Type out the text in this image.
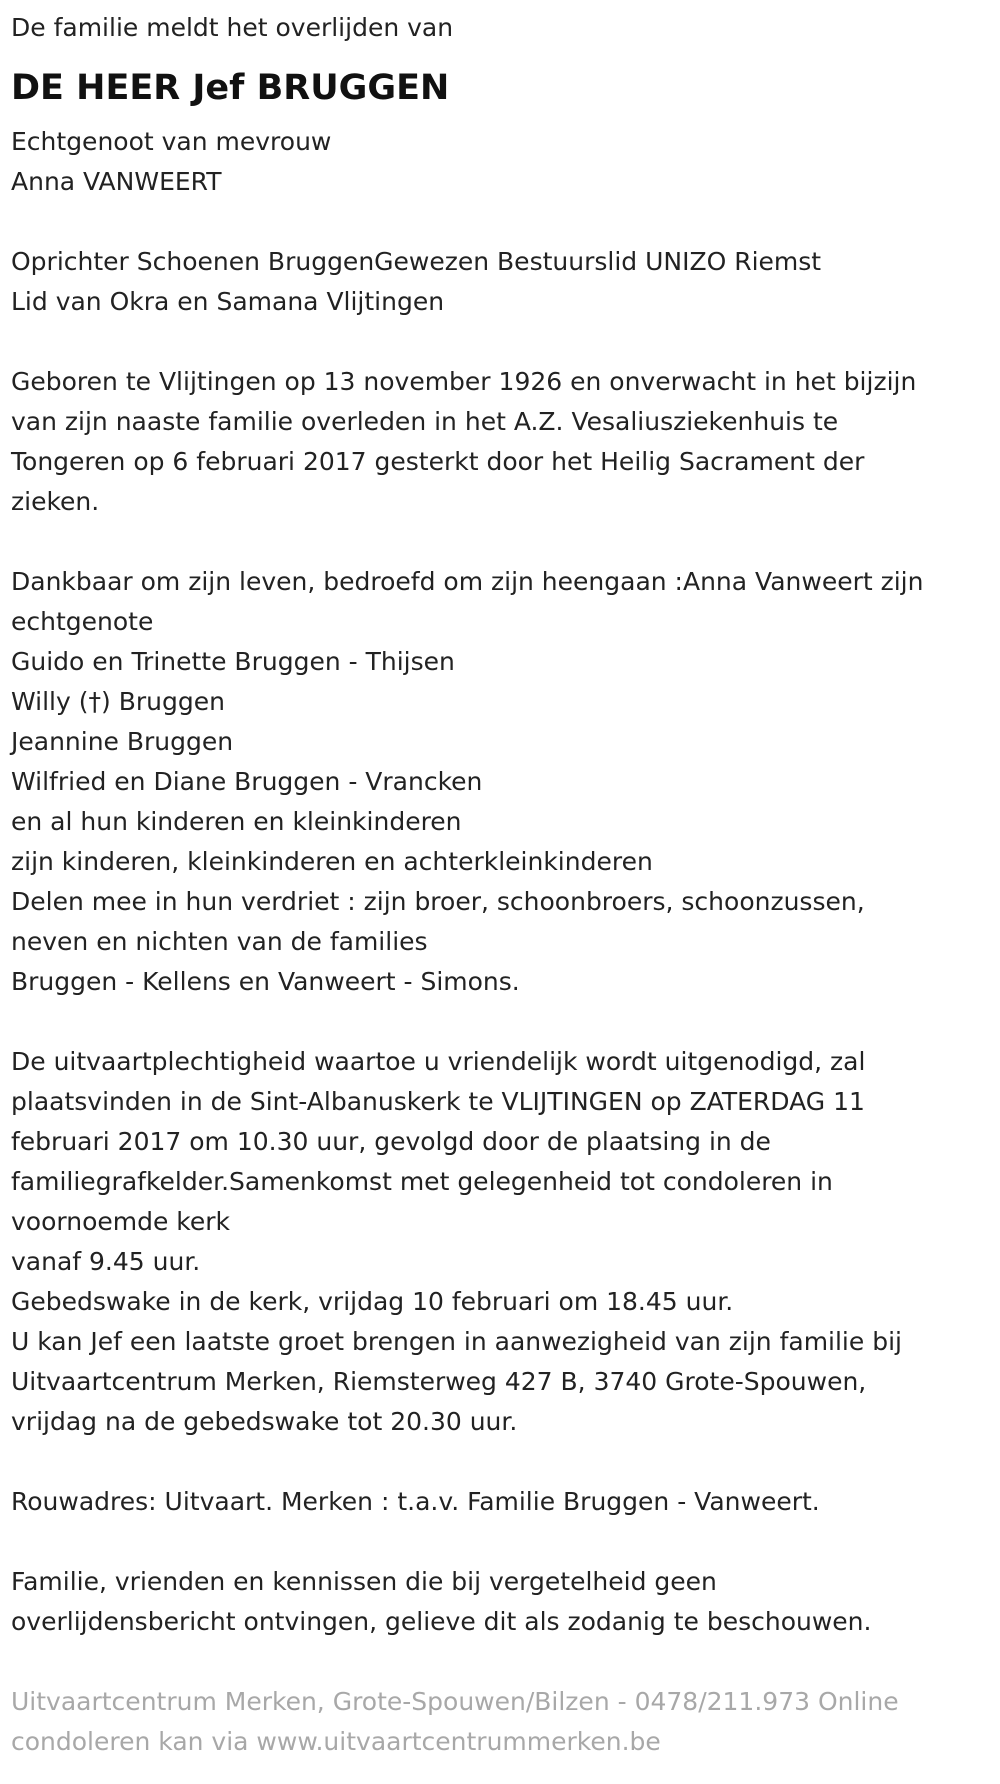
De familie meldt het overlijden van
DE HEER Jef BRUGGEN
Echtgenoot van mevrouw
Anna VANWEERT
Oprichter Schoenen BruggenGewezen Bestuurslid UNIZO Riemst
Lid van Okra en Samana Vlijtingen
Geboren te Vlijtingen op 13 november 1926 en onverwacht in het bijzijn
van zijn naaste familie overleden in het A.Z. Vesaliusziekenhuis te
Tongeren op 6 februari 2017 gesterkt door het Heilig Sacrament der
zieken.
Dankbaar om zijn leven, bedroefd om zijn heengaan :Anna Vanweert zijn
echtgenote
Guido en Trinette Bruggen - Thijsen
Willy (†) Bruggen
Jeannine Bruggen
Wilfried en Diane Bruggen - Vrancken
en al hun kinderen en kleinkinderen
zijn kinderen, kleinkinderen en achterkleinkinderen
Delen mee in hun verdriet : zijn broer, schoonbroers, schoonzussen,
neven en nichten van de families
Bruggen - Kellens en Vanweert - Simons.
De uitvaartplechtigheid waartoe u vriendelijk wordt uitgenodigd, zal
plaatsvinden in de Sint-Albanuskerk te VLIJTINGEN op ZATERDAG 11
februari 2017 om 10.30 uur, gevolgd door de plaatsing in de
familiegrafkelder.Samenkomst met gelegenheid tot condoleren in
voornoemde kerk
vanaf 9.45 uur.
Gebedswake in de kerk, vrijdag 10 februari om 18.45 uur.
U kan Jef een laatste groet brengen in aanwezigheid van zijn familie bij
Uitvaartcentrum Merken, Riemsterweg 427 B, 3740 Grote-Spouwen,
vrijdag na de gebedswake tot 20.30 uur.
Rouwadres: Uitvaart. Merken : t.a.v. Familie Bruggen - Vanweert.
Familie, vrienden en kennissen die bij vergetelheid geen
overlijdensbericht ontvingen, gelieve dit als zodanig te beschouwen.
Uitvaartcentrum Merken, Grote-Spouwen/Bilzen - 0478/211.973 Online
condoleren kan via www.uitvaartcentrummerken.be
